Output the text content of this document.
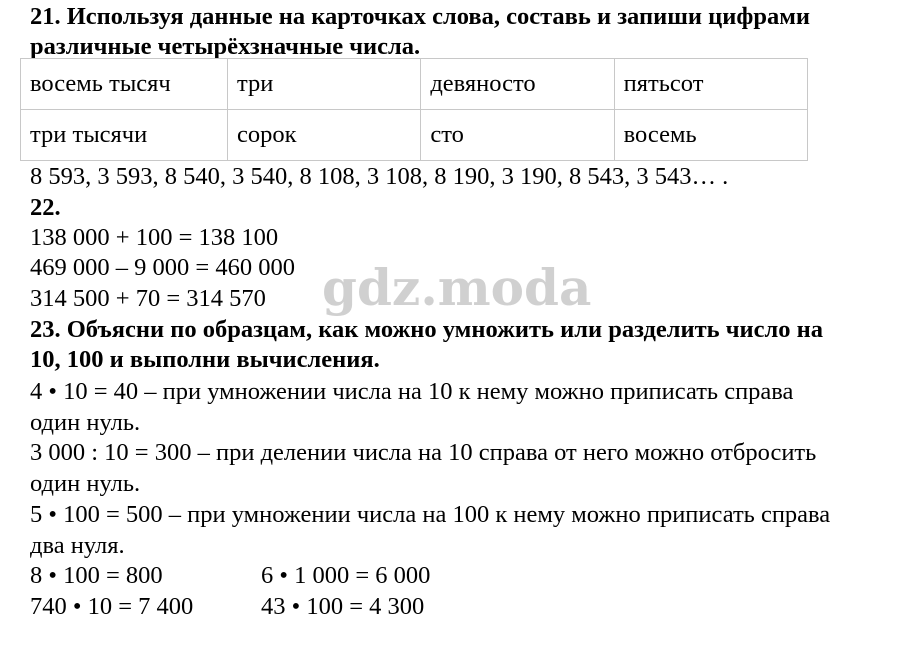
21. Используя данные на карточках слова, составь и запиши цифрами
различные четырёхзначные числа.
восемь тысяч	три	девяносто	пятьсот
три тысячи	сорок	сто	восемь
8 593, 3 593, 8 540, 3 540, 8 108, 3 108, 8 190, 3 190, 8 543, 3 543… .
22.
138 000 + 100 = 138 100
469 000 – 9 000 = 460 000
314 500 + 70 = 314 570
23. Объясни по образцам, как можно умножить или разделить число на
10, 100 и выполни вычисления.
4 • 10 = 40 – при умножении числа на 10 к нему можно приписать справа
один нуль.
3 000 : 10 = 300 – при делении числа на 10 справа от него можно отбросить
один нуль.
5 • 100 = 500 – при умножении числа на 100 к нему можно приписать справа
два нуля.
8 • 100 = 800	6 • 1 000 = 6 000
740 • 10 = 7 400	43 • 100 = 4 300
gdz.moda
